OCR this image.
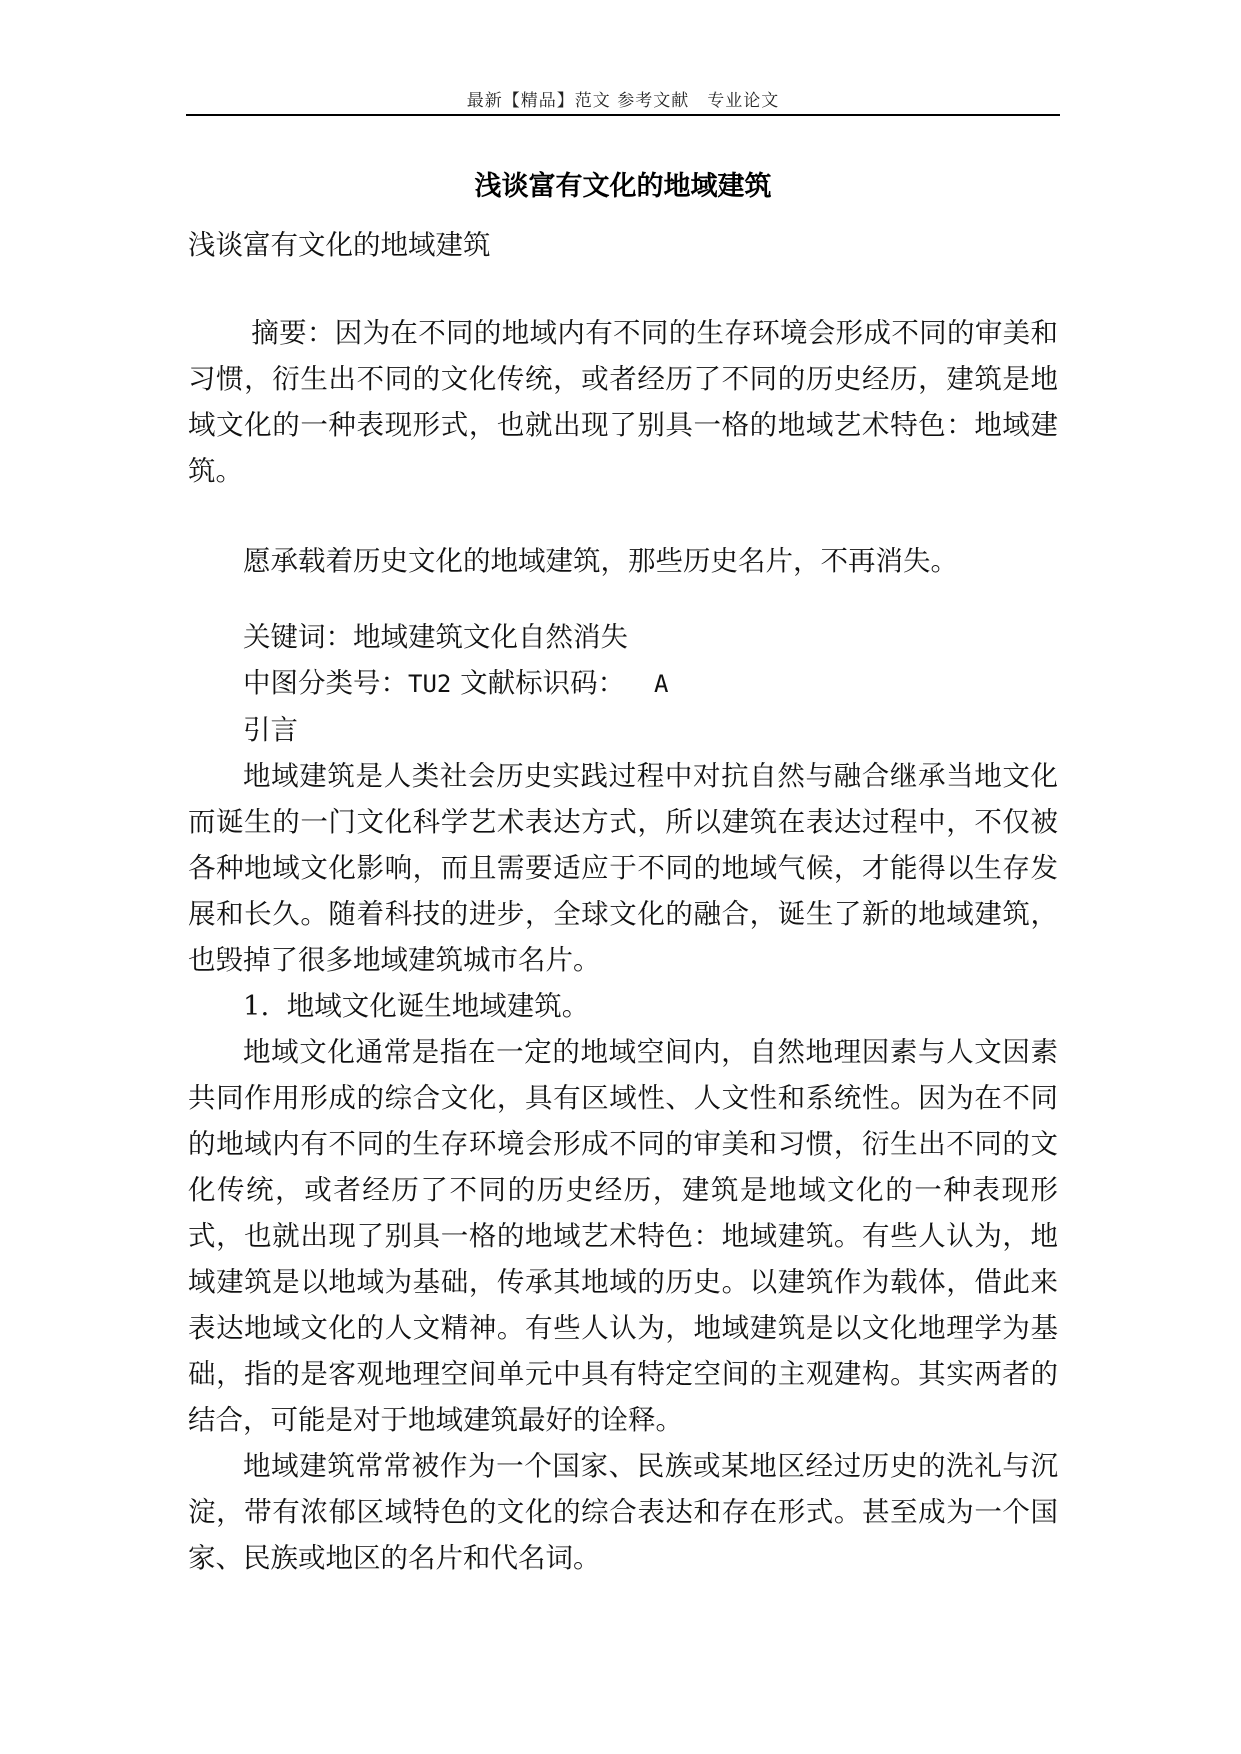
最新【精品】范文 参考文献　专业论文
浅谈富有文化的地域建筑

浅谈富有文化的地域建筑

摘要：因为在不同的地域内有不同的生存环境会形成不同的审美和习惯，衍生出不同的文化传统，或者经历了不同的历史经历，建筑是地域文化的一种表现形式，也就出现了别具一格的地域艺术特色：地域建筑。

愿承载着历史文化的地域建筑，那些历史名片，不再消失。

关键词：地域建筑文化自然消失

中图分类号：TU2 文献标识码：  A

引言

地域建筑是人类社会历史实践过程中对抗自然与融合继承当地文化而诞生的一门文化科学艺术表达方式，所以建筑在表达过程中，不仅被各种地域文化影响，而且需要适应于不同的地域气候，才能得以生存发展和长久。随着科技的进步，全球文化的融合，诞生了新的地域建筑，也毁掉了很多地域建筑城市名片。

1.  地域文化诞生地域建筑。

地域文化通常是指在一定的地域空间内，自然地理因素与人文因素共同作用形成的综合文化，具有区域性、人文性和系统性。因为在不同的地域内有不同的生存环境会形成不同的审美和习惯，衍生出不同的文化传统，或者经历了不同的历史经历，建筑是地域文化的一种表现形式，也就出现了别具一格的地域艺术特色：地域建筑。有些人认为，地域建筑是以地域为基础，传承其地域的历史。以建筑作为载体，借此来表达地域文化的人文精神。有些人认为，地域建筑是以文化地理学为基础，指的是客观地理空间单元中具有特定空间的主观建构。其实两者的结合，可能是对于地域建筑最好的诠释。

地域建筑常常被作为一个国家、民族或某地区经过历史的洗礼与沉淀，带有浓郁区域特色的文化的综合表达和存在形式。甚至成为一个国家、民族或地区的名片和代名词。
